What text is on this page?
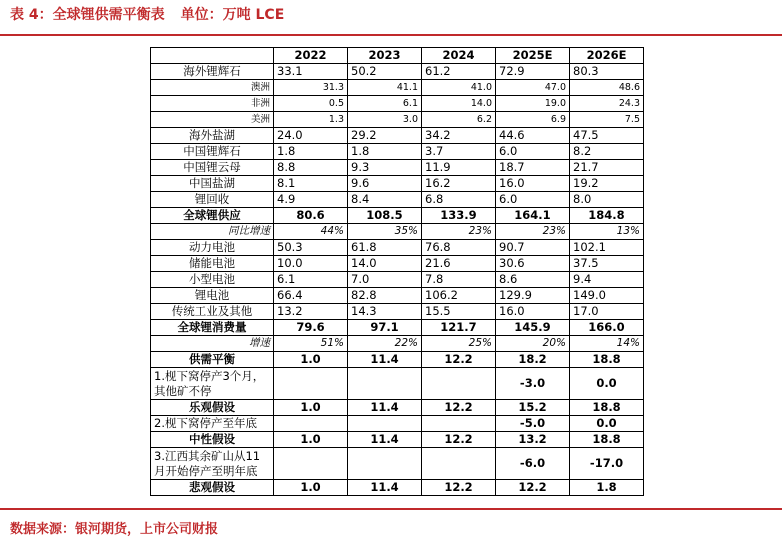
表 4：全球锂供需平衡表 单位：万吨 LCE
	2022	2023	2024	2025E	2026E
海外锂辉石	33.1	50.2	61.2	72.9	80.3
澳洲	31.3	41.1	41.0	47.0	48.6
非洲	0.5	6.1	14.0	19.0	24.3
美洲	1.3	3.0	6.2	6.9	7.5
海外盐湖	24.0	29.2	34.2	44.6	47.5
中国锂辉石	1.8	1.8	3.7	6.0	8.2
中国锂云母	8.8	9.3	11.9	18.7	21.7
中国盐湖	8.1	9.6	16.2	16.0	19.2
锂回收	4.9	8.4	6.8	6.0	8.0
全球锂供应	80.6	108.5	133.9	164.1	184.8
同比增速	44%	35%	23%	23%	13%
动力电池	50.3	61.8	76.8	90.7	102.1
储能电池	10.0	14.0	21.6	30.6	37.5
小型电池	6.1	7.0	7.8	8.6	9.4
锂电池	66.4	82.8	106.2	129.9	149.0
传统工业及其他	13.2	14.3	15.5	16.0	17.0
全球锂消费量	79.6	97.1	121.7	145.9	166.0
增速	51%	22%	25%	20%	14%
供需平衡	1.0	11.4	12.2	18.2	18.8
1.枧下窝停产3个月，其他矿不停				-3.0	0.0
乐观假设	1.0	11.4	12.2	15.2	18.8
2.枧下窝停产至年底				-5.0	0.0
中性假设	1.0	11.4	12.2	13.2	18.8
3.江西其余矿山从11月开始停产至明年底				-6.0	-17.0
悲观假设	1.0	11.4	12.2	12.2	1.8
数据来源：银河期货，上市公司财报
